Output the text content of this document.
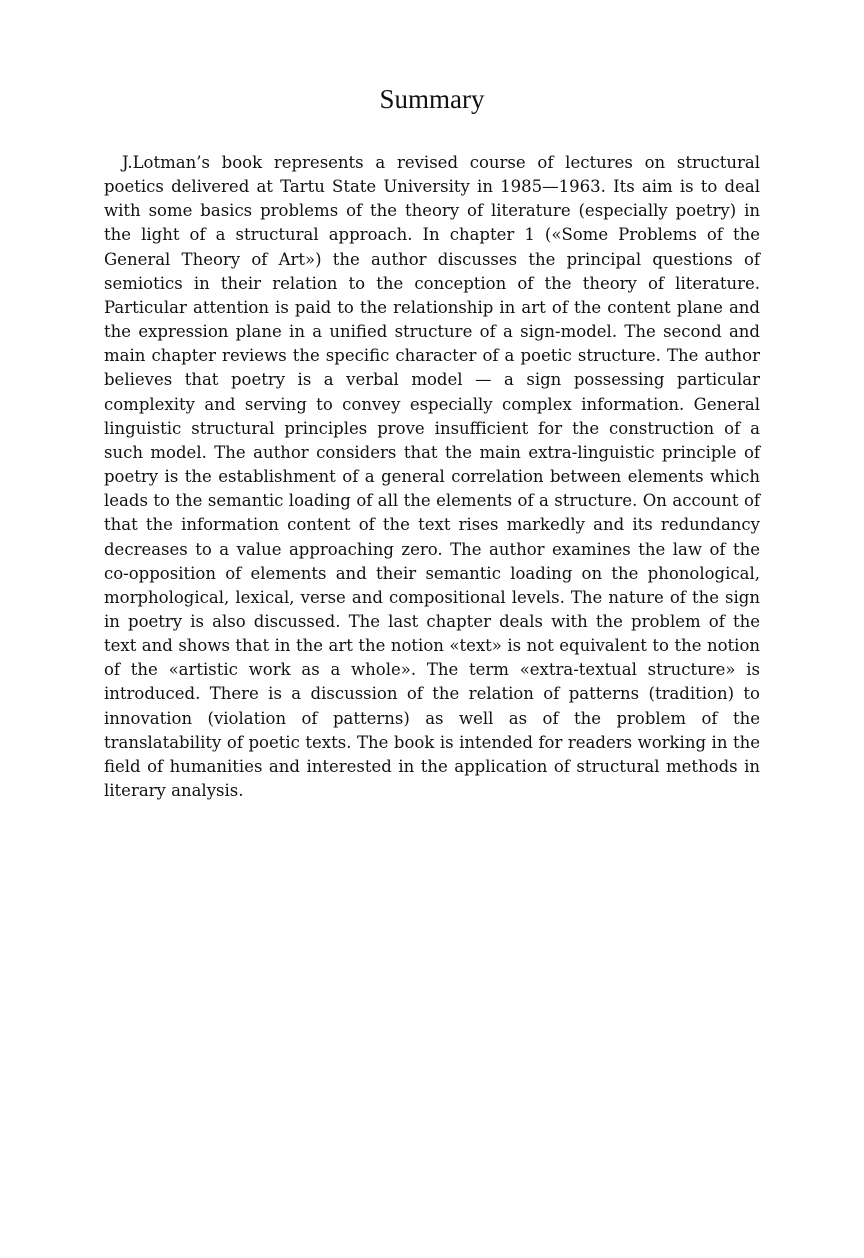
Summary

J.Lotman’s book represents a revised course of lectures on structural poetics delivered at Tartu State University in 1985—1963. Its aim is to deal with some basics problems of the theory of literature (especially poetry) in the light of a structural approach. In chapter 1 («Some Problems of the General Theory of Art») the author discusses the principal questions of semiotics in their relation to the conception of the theory of literature. Particular attention is paid to the relationship in art of the content plane and the expression plane in a unified structure of a sign-model. The second and main chapter reviews the specific character of a poetic structure. The author believes that poetry is a verbal model — a sign possessing particular complexity and serving to convey especially complex information. General linguistic structural principles prove insufficient for the construction of a such model. The author considers that the main extra-linguistic principle of poetry is the establishment of a general correlation between elements which leads to the semantic loading of all the elements of a structure. On account of that the information content of the text rises markedly and its redundancy decreases to a value approaching zero. The author examines the law of the co-opposition of elements and their semantic loading on the phonological, morphological, lexical, verse and compositional levels. The nature of the sign in poetry is also discussed. The last chapter deals with the problem of the text and shows that in the art the notion «text» is not equivalent to the notion of the «artistic work as a whole». The term «extra-textual structure» is introduced. There is a discussion of the relation of patterns (tradition) to innovation (violation of patterns) as well as of the problem of the translatability of poetic texts. The book is intended for readers working in the field of humanities and interested in the application of structural methods in literary analysis.
